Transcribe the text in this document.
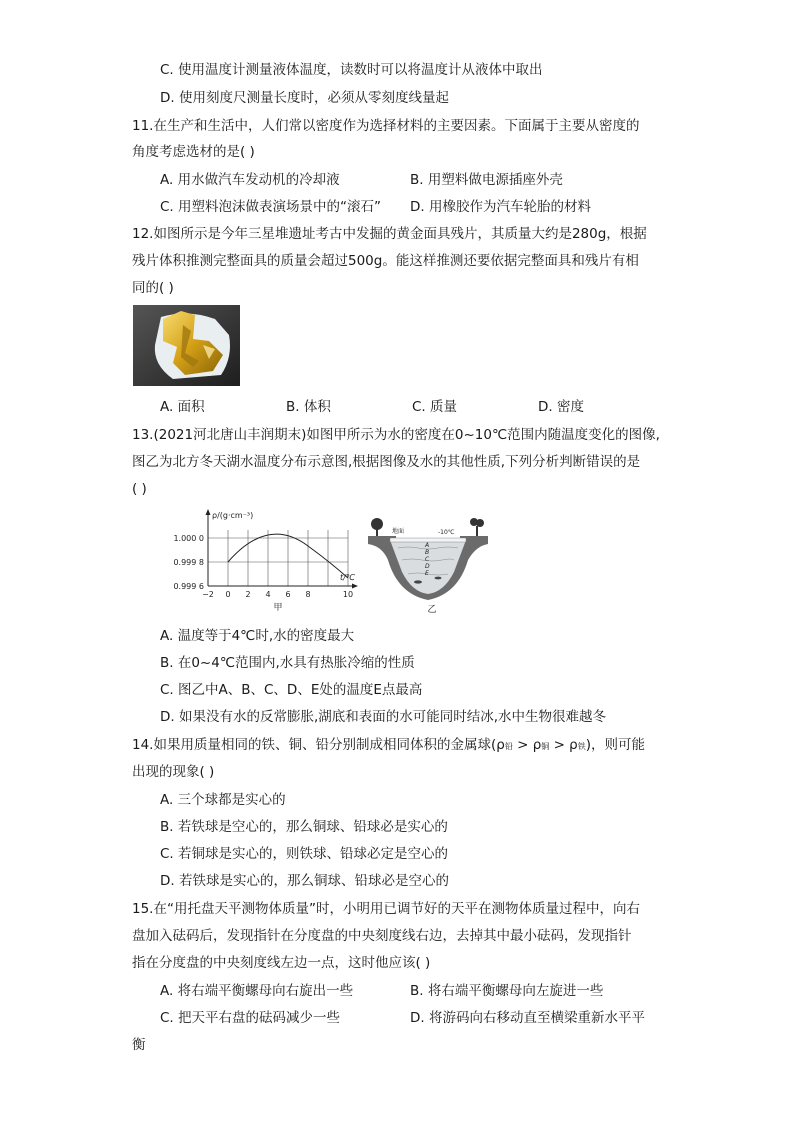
C. 使用温度计测量液体温度，读数时可以将温度计从液体中取出
D. 使用刻度尺测量长度时，必须从零刻度线量起
11.在生产和生活中，人们常以密度作为选择材料的主要因素。下面属于主要从密度的
角度考虑选材的是( )
A. 用水做汽车发动机的冷却液	B. 用塑料做电源插座外壳
C. 用塑料泡沫做表演场景中的“滚石” D. 用橡胶作为汽车轮胎的材料
12.如图所示是今年三星堆遗址考古中发掘的黄金面具残片，其质量大约是280g，根据
残片体积推测完整面具的质量会超过500g。能这样推测还要依据完整面具和残片有相
同的( )
A. 面积	B. 体积	C. 质量	D. 密度
13.(2021河北唐山丰润期末)如图甲所示为水的密度在0~10℃范围内随温度变化的图像,
图乙为北方冬天湖水温度分布示意图,根据图像及水的其他性质,下列分析判断错误的是
( )
ρ/(g·cm⁻³)
t/℃
1.000 0
0.999 8
0.999 6
−2 0 2 4 6 8	10
甲
地面	-10℃
A
B
C
D
E
乙
A. 温度等于4℃时,水的密度最大
B. 在0~4℃范围内,水具有热胀冷缩的性质
C. 图乙中A、B、C、D、E处的温度E点最高
D. 如果没有水的反常膨胀,湖底和表面的水可能同时结冰,水中生物很难越冬
14.如果用质量相同的铁、铜、铅分别制成相同体积的金属球(ρ铅 > ρ铜 > ρ铁)，则可能
出现的现象( )
A. 三个球都是实心的
B. 若铁球是空心的，那么铜球、铅球必是实心的
C. 若铜球是实心的，则铁球、铅球必定是空心的
D. 若铁球是实心的，那么铜球、铅球必是空心的
15.在“用托盘天平测物体质量”时，小明用已调节好的天平在测物体质量过程中，向右
盘加入砝码后，发现指针在分度盘的中央刻度线右边，去掉其中最小砝码，发现指针
指在分度盘的中央刻度线左边一点，这时他应该( )
A. 将右端平衡螺母向右旋出一些	B. 将右端平衡螺母向左旋进一些
C. 把天平右盘的砝码减少一些	D. 将游码向右移动直至横梁重新水平平
衡
